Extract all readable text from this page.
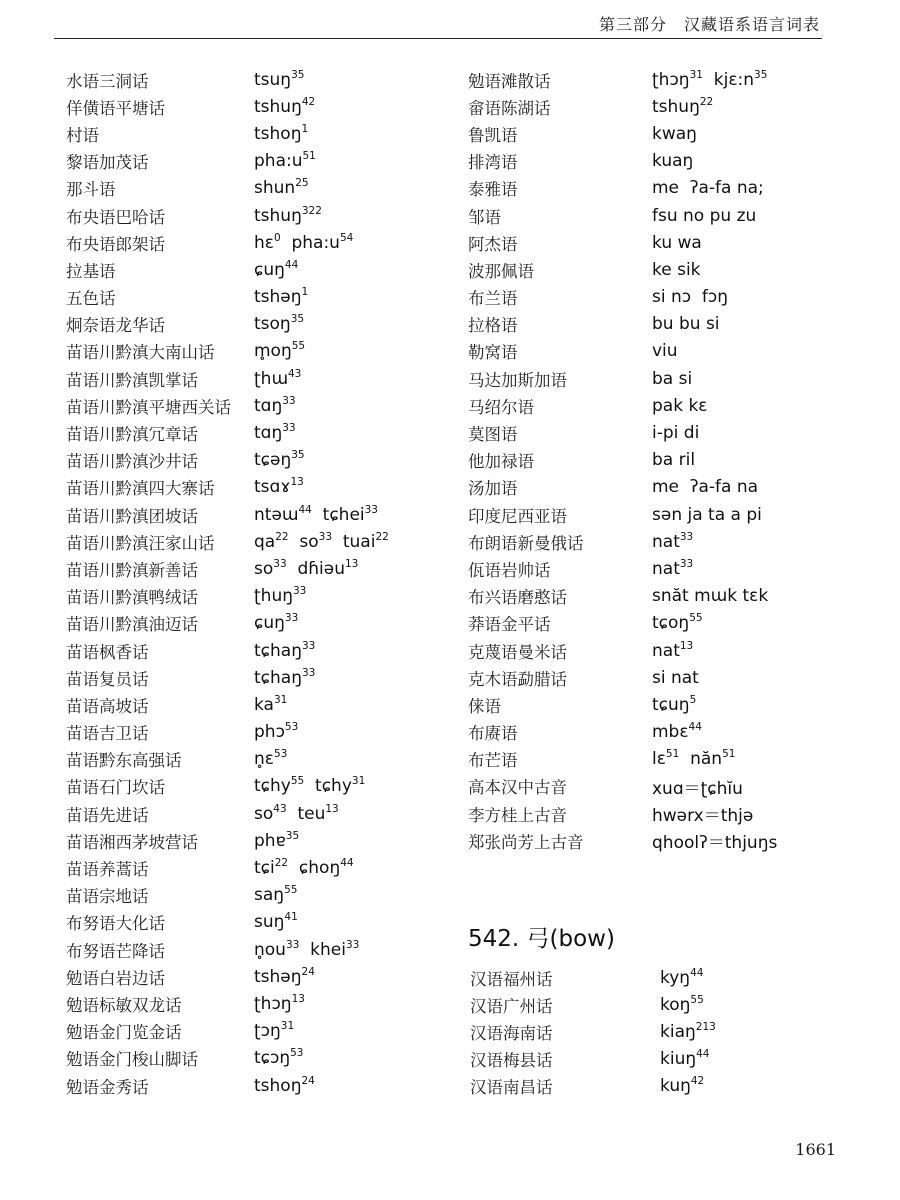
第三部分　汉藏语系语言词表
水语三洞话	tsuŋ$^{35}$
佯僙语平塘话	tshuŋ$^{42}$
村语	tshoŋ$^1$
黎语加茂话	$pha:u^{51}$
那斗语	shun$^{25}$
布央语巴哈话	tshuŋ$^{322}$
布央语郎架话	hɛ$^0$  $pha:u^{54}$
拉基语	ɕuŋ$^{44}$
五色话	tshəŋ$^1$
炯奈语龙华话	tsoŋ$^{35}$
苗语川黔滇大南山话	$m̥oŋ^{55}$
苗语川黔滇凯掌话	ʈhɯ$^{43}$
苗语川黔滇平塘西关话	tɑŋ$^{33}$
苗语川黔滇冗章话	tɑŋ$^{33}$
苗语川黔滇沙井话	tɕəŋ$^{35}$
苗语川黔滇四大寨话	tsɑɤ$^{13}$
苗语川黔滇团坡话	ntəɯ$^{44}$  tɕhei$^{33}$
苗语川黔滇汪家山话	$qa^{22}$  $so^{33}$  tuai$^{22}$
苗语川黔滇新善话	$so^{33}$  dɦiəu$^{13}$
苗语川黔滇鸭绒话	ʈhuŋ$^{33}$
苗语川黔滇油迈话	ɕuŋ$^{33}$
苗语枫香话	tɕhaŋ$^{33}$
苗语复员话	tɕhaŋ$^{33}$
苗语高坡话	$ka^{31}$
苗语吉卫话	phɔ$^{53}$
苗语黔东高强话	n̥ɛ$^{53}$
苗语石门坎话	tɕhy$^{55}$  tɕhy$^{31}$
苗语先进话	$so^{43}$  teu$^{13}$
苗语湘西茅坡营话	phɐ$^{35}$
苗语养蒿话	tɕi$^{22}$  ɕhoŋ$^{44}$
苗语宗地话	saŋ$^{55}$
布努语大化话	suŋ$^{41}$
布努语芒降话	$n̥ou^{33}$  khei$^{33}$
勉语白岩边话	tshəŋ$^{24}$
勉语标敏双龙话	ʈhɔŋ$^{13}$
勉语金门览金话	ʈɔŋ$^{31}$
勉语金门梭山脚话	tɕɔŋ$^{53}$
勉语金秀话	tshoŋ$^{24}$
勉语滩散话	ʈhɔŋ$^{31}$  $kjɛ:n^{35}$
畲语陈湖话	tshuŋ$^{22}$
鲁凯语	kwaŋ
排湾语	kuaŋ
泰雅语	me  ʔa-fa na;
邹语	fsu no pu zu
阿杰语	ku wa
波那佩语	ke sik
布兰语	si nɔ  fɔŋ
拉格语	bu bu si
勒窝语	viu
马达加斯加语	ba si
马绍尔语	pak kɛ
莫图语	i-pi di
他加禄语	ba ril
汤加语	me  ʔa-fa na
印度尼西亚语	sən ja ta a pi
布朗语新曼俄话	nat$^{33}$
佤语岩帅话	nat$^{33}$
布兴语磨憨话	snăt mɯk tɛk
莽语金平话	tɕoŋ$^{55}$
克蔑语曼米话	nat$^{13}$
克木语勐腊话	si nat
俫语	tɕuŋ$^5$
布赓语	mbɛ$^{44}$
布芒语	lɛ$^{51}$  năn$^{51}$
高本汉中古音	xuɑ＝ʈɕhĭu
李方桂上古音	hwərx＝thjə
郑张尚芳上古音	qhoolʔ＝thjuŋs
542. 弓(bow)
汉语福州话	kyŋ$^{44}$
汉语广州话	koŋ$^{55}$
汉语海南话	kiaŋ$^{213}$
汉语梅县话	kiuŋ$^{44}$
汉语南昌话	kuŋ$^{42}$
1661
